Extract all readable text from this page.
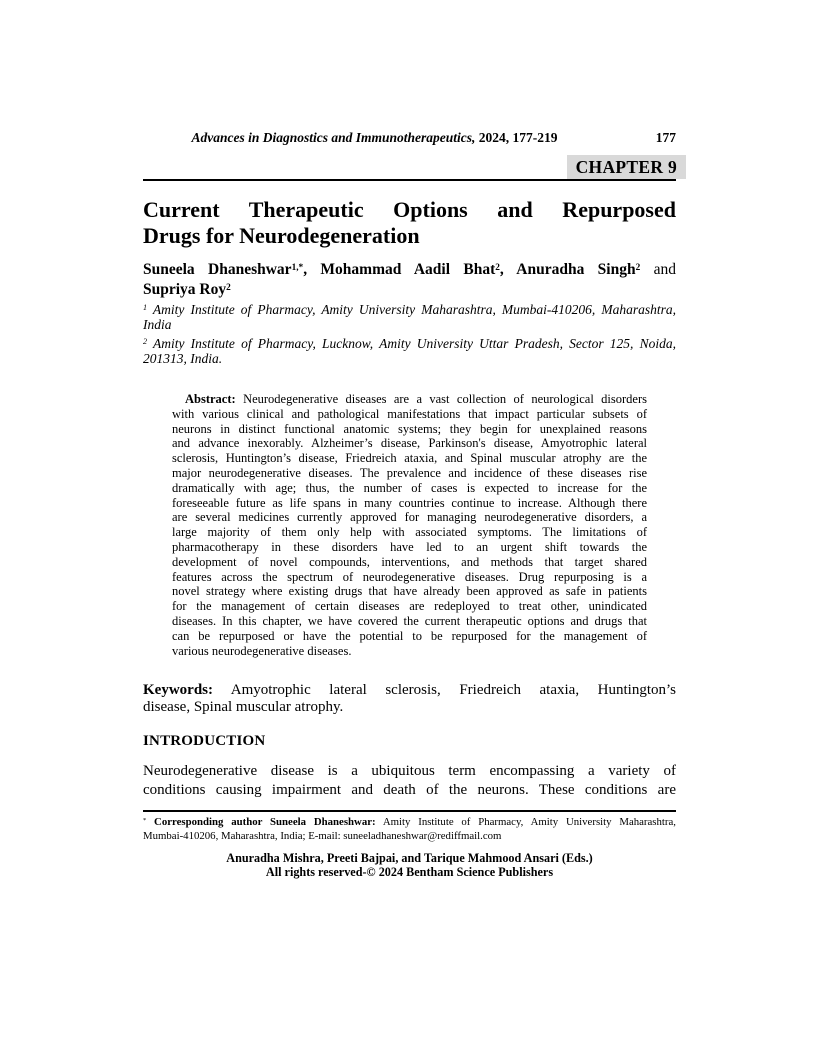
Advances in Diagnostics and Immunotherapeutics, 2024, 177-219	177
CHAPTER 9
Current Therapeutic Options and Repurposed
Drugs for Neurodegeneration
Suneela Dhaneshwar$^{1,*}$, Mohammad Aadil Bhat$^2$, Anuradha Singh$^2$ and
Supriya Roy$^2$
$^1$ Amity Institute of Pharmacy, Amity University Maharashtra, Mumbai-410206, Maharashtra,
India
$^2$ Amity Institute of Pharmacy, Lucknow, Amity University Uttar Pradesh, Sector 125, Noida,
201313, India.
Abstract: Neurodegenerative diseases are a vast collection of neurological disorders
with various clinical and pathological manifestations that impact particular subsets of
neurons in distinct functional anatomic systems; they begin for unexplained reasons
and advance inexorably. Alzheimer’s disease, Parkinson's disease, Amyotrophic lateral
sclerosis, Huntington’s disease, Friedreich ataxia, and Spinal muscular atrophy are the
major neurodegenerative diseases. The prevalence and incidence of these diseases rise
dramatically with age; thus, the number of cases is expected to increase for the
foreseeable future as life spans in many countries continue to increase. Although there
are several medicines currently approved for managing neurodegenerative disorders, a
large majority of them only help with associated symptoms. The limitations of
pharmacotherapy in these disorders have led to an urgent shift towards the
development of novel compounds, interventions, and methods that target shared
features across the spectrum of neurodegenerative diseases. Drug repurposing is a
novel strategy where existing drugs that have already been approved as safe in patients
for the management of certain diseases are redeployed to treat other, unindicated
diseases. In this chapter, we have covered the current therapeutic options and drugs that
can be repurposed or have the potential to be repurposed for the management of
various neurodegenerative diseases.
Keywords: Amyotrophic lateral sclerosis, Friedreich ataxia, Huntington’s
disease, Spinal muscular atrophy.
INTRODUCTION
Neurodegenerative disease is a ubiquitous term encompassing a variety of
conditions causing impairment and death of the neurons. These conditions are
* Corresponding author Suneela Dhaneshwar: Amity Institute of Pharmacy, Amity University Maharashtra,
Mumbai-410206, Maharashtra, India; E-mail: suneeladhaneshwar@rediffmail.com
Anuradha Mishra, Preeti Bajpai, and Tarique Mahmood Ansari (Eds.)
All rights reserved-© 2024 Bentham Science Publishers
